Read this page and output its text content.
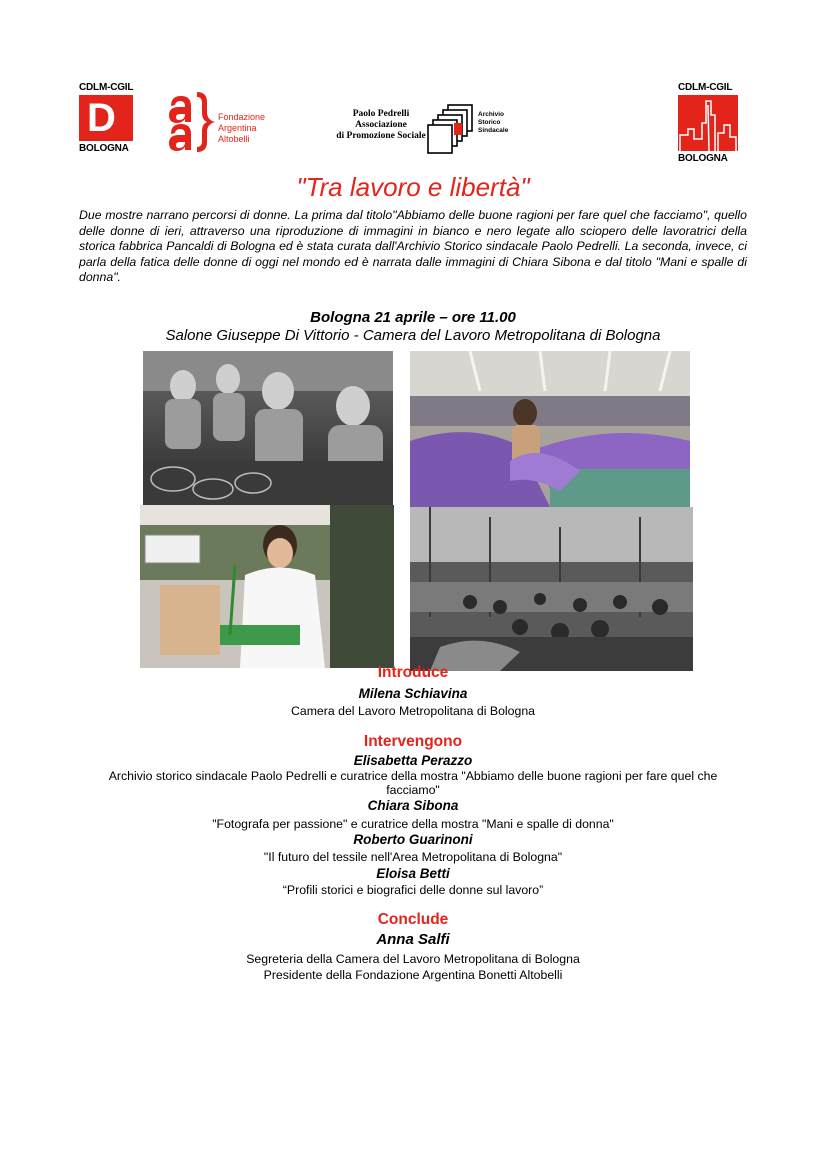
CDLM-CGIL
D
BOLOGNA
Fondazione
Argentina
Altobelli
Paolo Pedrelli
Associazione
di Promozione Sociale
Archivio
Storico
Sindacale
CDLM-CGIL
BOLOGNA
"Tra lavoro e libertà"
Due mostre narrano percorsi di donne. La prima dal titolo"Abbiamo delle buone ragioni per fare quel che facciamo", quello delle donne di ieri, attraverso una riproduzione di immagini in bianco e nero legate allo sciopero delle lavoratrici della storica fabbrica Pancaldi di Bologna ed è stata curata dall'Archivio Storico sindacale Paolo Pedrelli. La seconda, invece, ci parla della fatica delle donne di oggi nel mondo ed è narrata dalle immagini di Chiara Sibona e dal titolo "Mani e spalle di donna".
Bologna 21 aprile – ore 11.00
Salone Giuseppe Di Vittorio - Camera del Lavoro Metropolitana di Bologna
Introduce
Milena Schiavina
Camera del Lavoro Metropolitana di Bologna
Intervengono
Elisabetta Perazzo
Archivio storico sindacale Paolo Pedrelli e curatrice della mostra "Abbiamo delle buone ragioni per fare quel che facciamo"
Chiara Sibona
"Fotografa per passione" e curatrice della mostra "Mani e spalle di donna"
Roberto Guarinoni
"Il futuro del tessile nell'Area Metropolitana di Bologna"
Eloisa Betti
“Profili storici e biografici delle donne sul lavoro”
Conclude
Anna Salfi
Segreteria della Camera del Lavoro Metropolitana di Bologna
Presidente della Fondazione Argentina Bonetti Altobelli
